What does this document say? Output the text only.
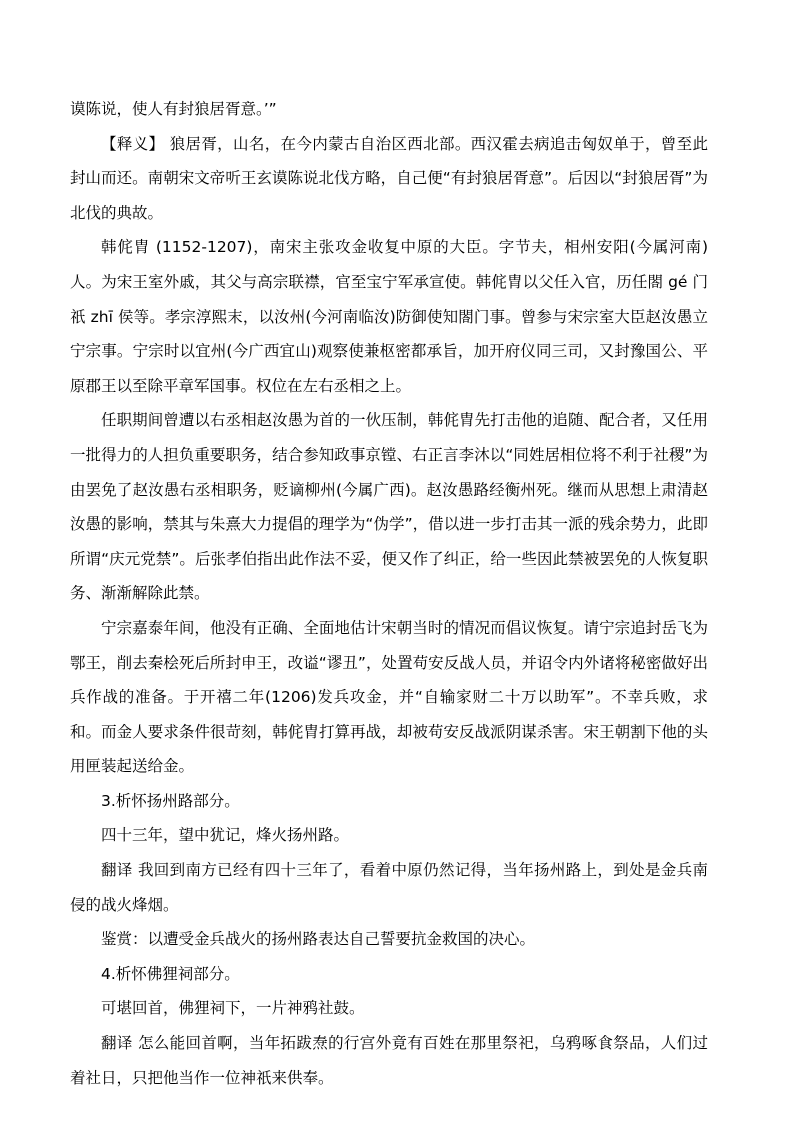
谟陈说，使人有封狼居胥意。’”

【释义】 狼居胥，山名，在今内蒙古自治区西北部。西汉霍去病追击匈奴单于，曾至此封山而还。南朝宋文帝听王玄谟陈说北伐方略，自己便“有封狼居胥意”。后因以“封狼居胥”为北伐的典故。

韩侂胄 (1152-1207)，南宋主张攻金收复中原的大臣。字节夫，相州安阳(今属河南)人。为宋王室外戚，其父与高宗联襟，官至宝宁军承宣使。韩侂胄以父任入官，历任閤 gé 门祇 zhī 侯等。孝宗淳熙末，以汝州(今河南临汝)防御使知閤门事。曾参与宋宗室大臣赵汝愚立宁宗事。宁宗时以宜州(今广西宜山)观察使兼枢密都承旨，加开府仪同三司，又封豫国公、平原郡王以至除平章军国事。权位在左右丞相之上。

任职期间曾遭以右丞相赵汝愚为首的一伙压制，韩侂胄先打击他的追随、配合者，又任用一批得力的人担负重要职务，结合参知政事京镗、右正言李沐以“同姓居相位将不利于社稷”为由罢免了赵汝愚右丞相职务，贬谪柳州(今属广西)。赵汝愚路经衡州死。继而从思想上肃清赵汝愚的影响，禁其与朱熹大力提倡的理学为“伪学”，借以进一步打击其一派的残余势力，此即所谓“庆元党禁”。后张孝伯指出此作法不妥，便又作了纠正，给一些因此禁被罢免的人恢复职务、渐渐解除此禁。

宁宗嘉泰年间，他没有正确、全面地估计宋朝当时的情况而倡议恢复。请宁宗追封岳飞为鄂王，削去秦桧死后所封申王，改谥“谬丑”，处置苟安反战人员，并诏令内外诸将秘密做好出兵作战的准备。于开禧二年(1206)发兵攻金，并“自输家财二十万以助军”。不幸兵败，求和。而金人要求条件很苛刻，韩侂胄打算再战，却被苟安反战派阴谋杀害。宋王朝割下他的头用匣装起送给金。

3.析怀扬州路部分。

四十三年，望中犹记，烽火扬州路。

翻译 我回到南方已经有四十三年了，看着中原仍然记得，当年扬州路上，到处是金兵南侵的战火烽烟。

鉴赏：以遭受金兵战火的扬州路表达自己誓要抗金救国的决心。

4.析怀佛狸祠部分。

可堪回首，佛狸祠下，一片神鸦社鼓。

翻译 怎么能回首啊，当年拓跋焘的行宫外竟有百姓在那里祭祀，乌鸦啄食祭品，人们过着社日，只把他当作一位神祇来供奉。
